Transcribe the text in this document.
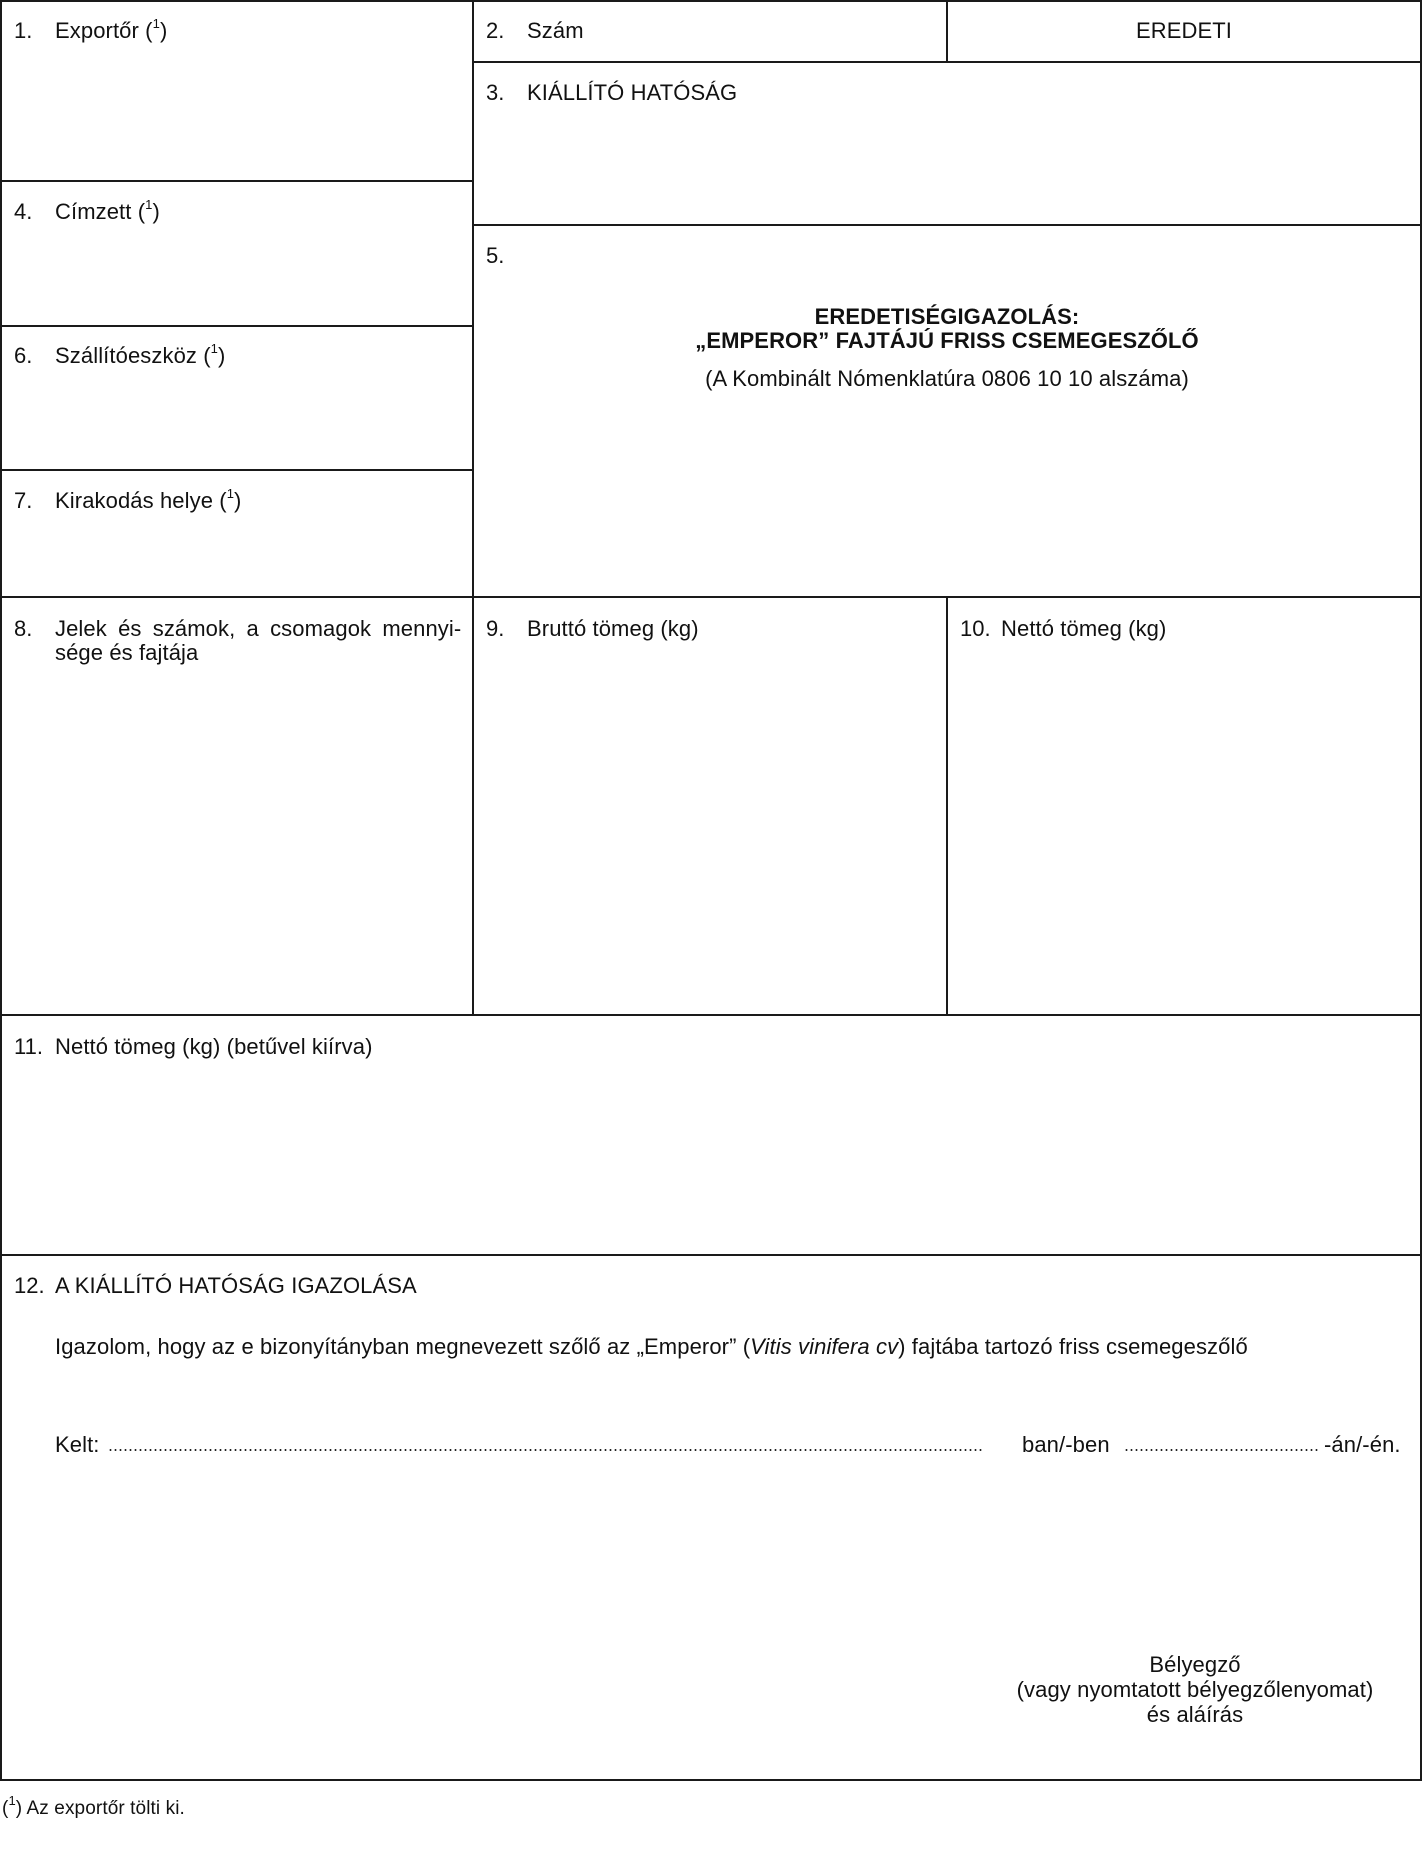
1. Exportőr ($^1$)	2. Szám	EREDETI
3. KIÁLLÍTÓ HATÓSÁG
4. Címzett ($^1$)
5.
EREDETISÉGIGAZOLÁS:
„EMPEROR” FAJTÁJÚ FRISS CSEMEGESZŐLŐ
(A Kombinált Nómenklatúra 0806 10 10 alszáma)
6. Szállítóeszköz ($^1$)
7. Kirakodás helye ($^1$)
8. Jelek és számok, a csomagok mennyi-
sége és fajtája
9. Bruttó tömeg (kg)	10. Nettó tömeg (kg)
11. Nettó tömeg (kg) (betűvel kiírva)
12. A KIÁLLÍTÓ HATÓSÁG IGAZOLÁSA
Igazolom, hogy az e bizonyítányban megnevezett szőlő az „Emperor” (Vitis vinifera cv) fajtába tartozó friss csemegeszőlő
Kelt:	ban/-ben	-án/-én.
Bélyegző
(vagy nyomtatott bélyegzőlenyomat)
és aláírás
($^1$) Az exportőr tölti ki.
